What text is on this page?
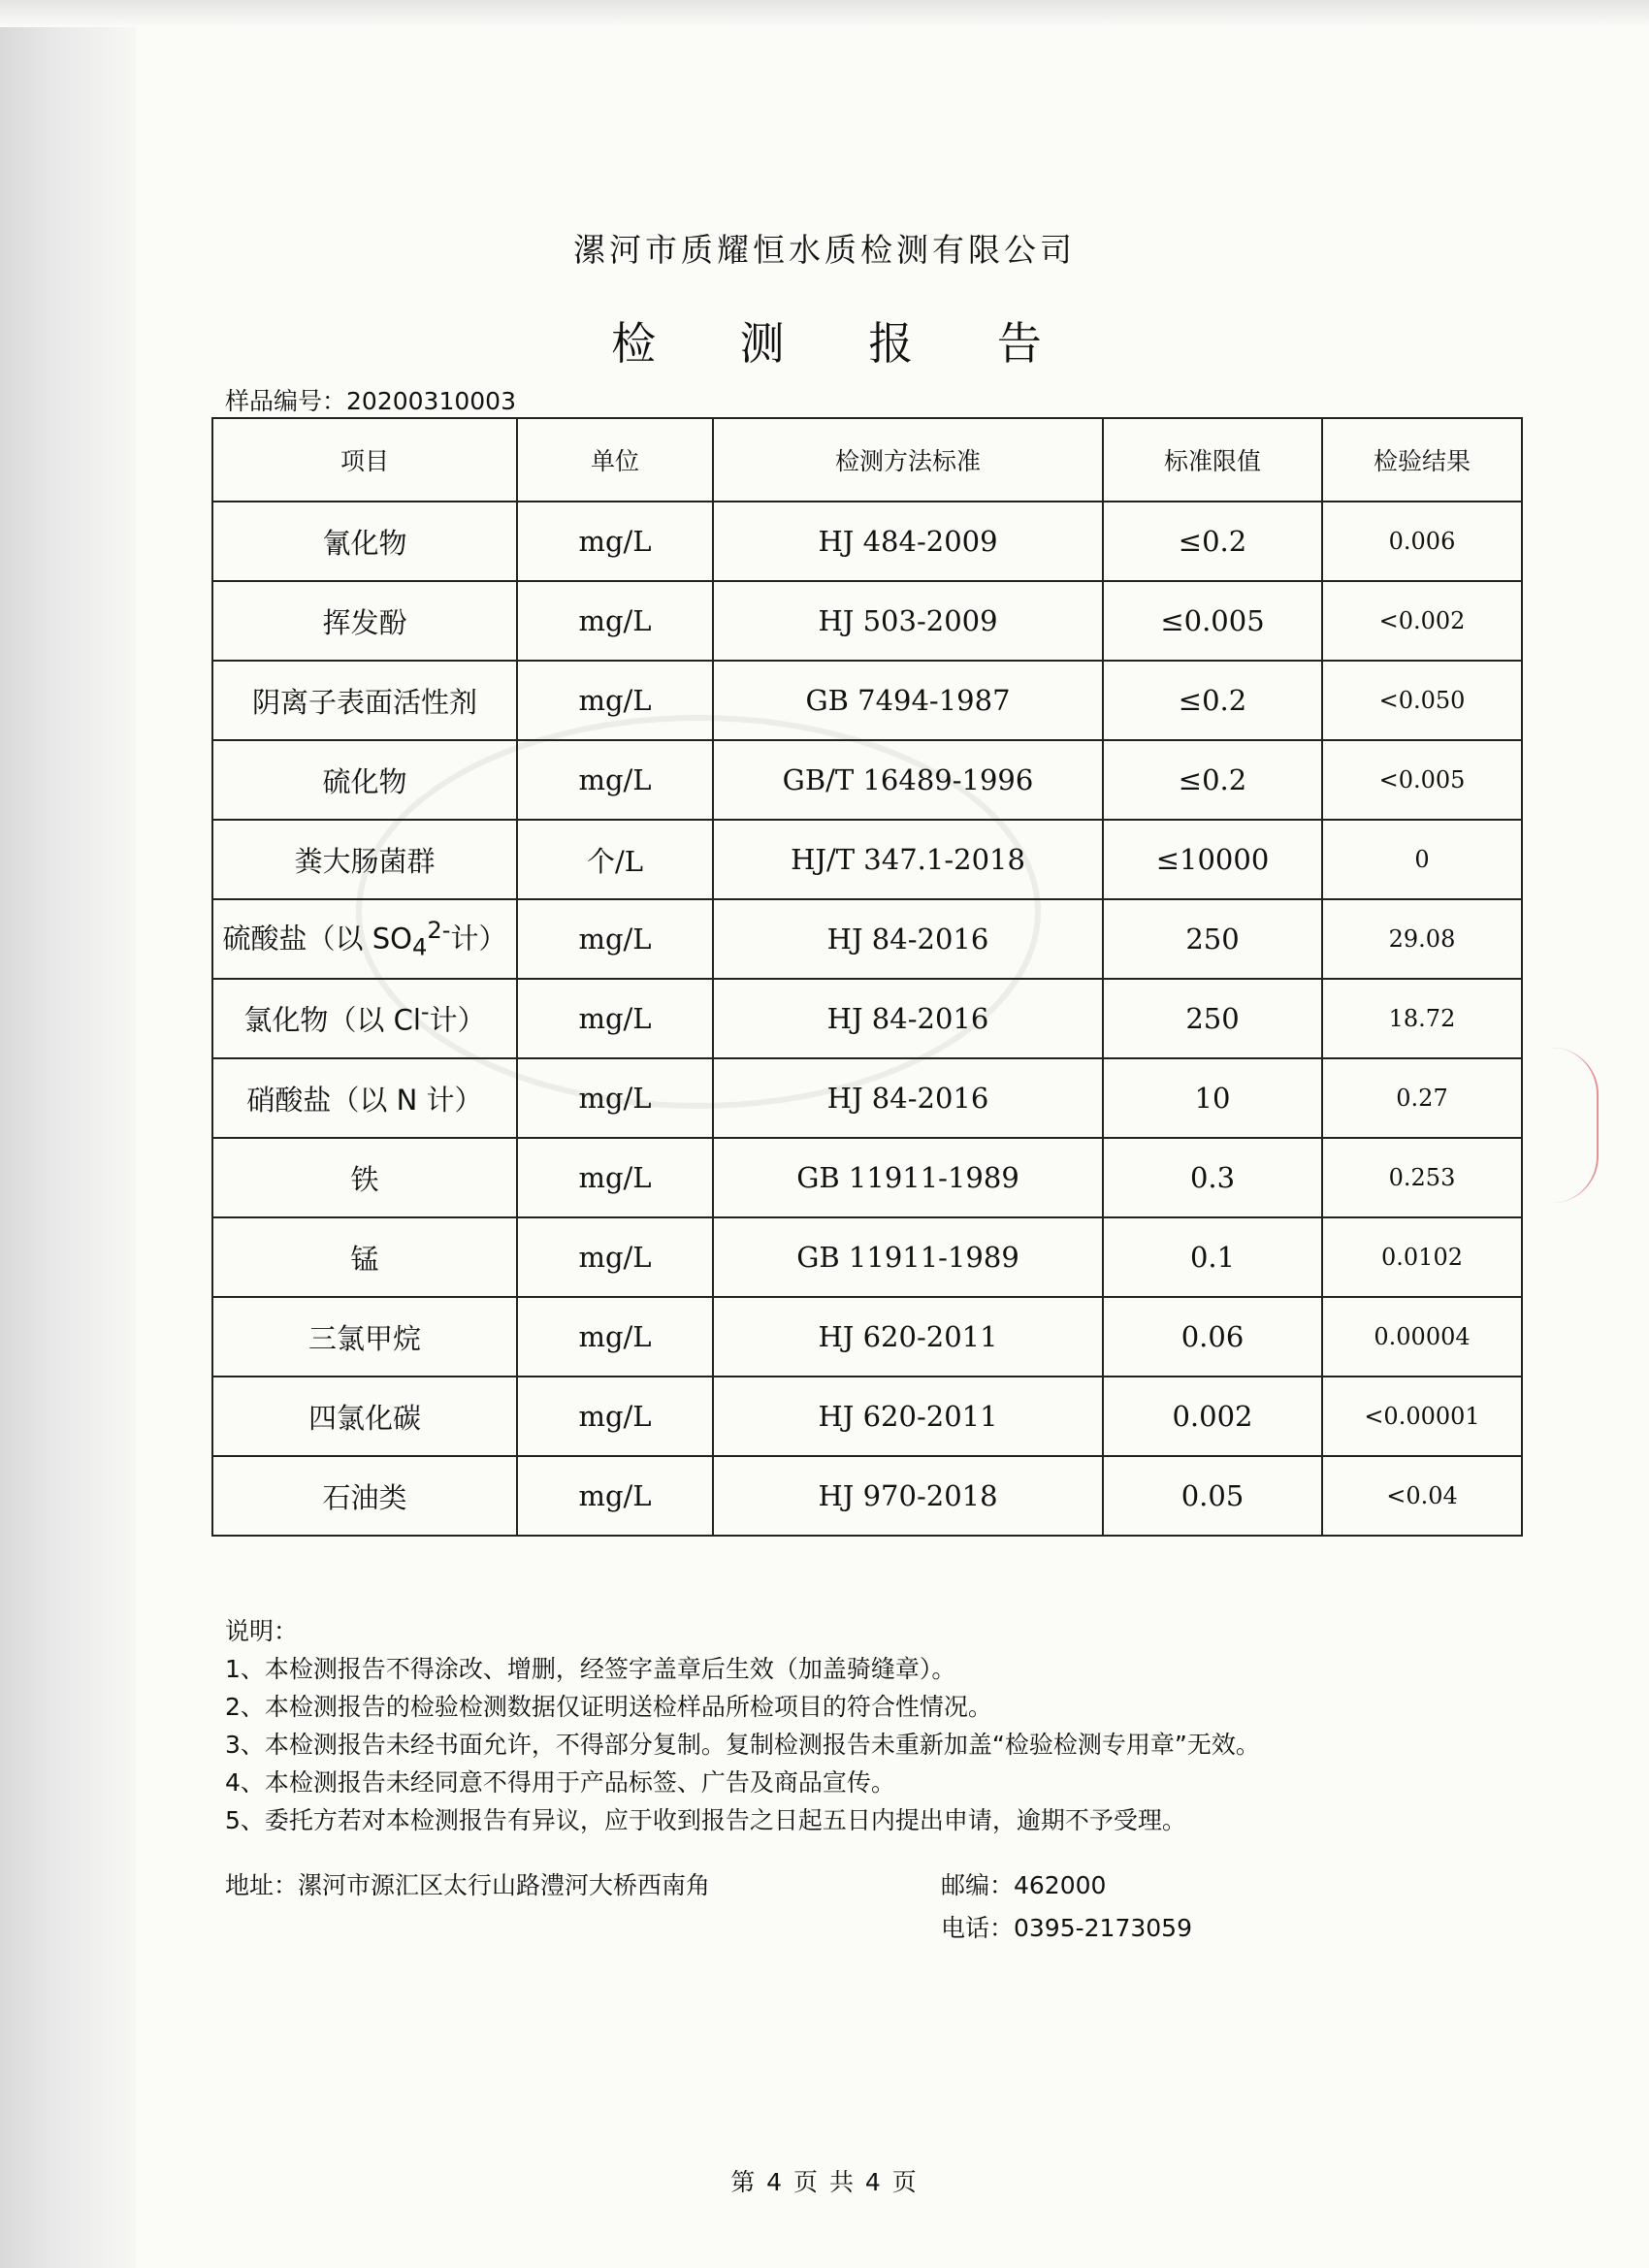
漯河市质耀恒水质检测有限公司
检 测 报 告
样品编号：20200310003
项目	单位	检测方法标准	标准限值	检验结果
氰化物	mg/L	HJ 484-2009	≤0.2	0.006
挥发酚	mg/L	HJ 503-2009	≤0.005	<0.002
阴离子表面活性剂	mg/L	GB 7494-1987	≤0.2	<0.050
硫化物	mg/L	GB/T 16489-1996	≤0.2	<0.005
粪大肠菌群	个/L	HJ/T 347.1-2018	≤10000	0
硫酸盐（以 $SO_4^{2-}$计）	mg/L	HJ 84-2016	250	29.08
氯化物（以 Cl-计）	mg/L	HJ 84-2016	250	18.72
硝酸盐（以 N 计）	mg/L	HJ 84-2016	10	0.27
铁	mg/L	GB 11911-1989	0.3	0.253
锰	mg/L	GB 11911-1989	0.1	0.0102
三氯甲烷	mg/L	HJ 620-2011	0.06	0.00004
四氯化碳	mg/L	HJ 620-2011	0.002	<0.00001
石油类	mg/L	HJ 970-2018	0.05	<0.04
说明：
1、本检测报告不得涂改、增删，经签字盖章后生效（加盖骑缝章）。
2、本检测报告的检验检测数据仅证明送检样品所检项目的符合性情况。
3、本检测报告未经书面允许，不得部分复制。复制检测报告未重新加盖“检验检测专用章”无效。
4、本检测报告未经同意不得用于产品标签、广告及商品宣传。
5、委托方若对本检测报告有异议，应于收到报告之日起五日内提出申请，逾期不予受理。
地址：漯河市源汇区太行山路澧河大桥西南角	邮编：462000
电话：0395-2173059
第 4 页 共 4 页
